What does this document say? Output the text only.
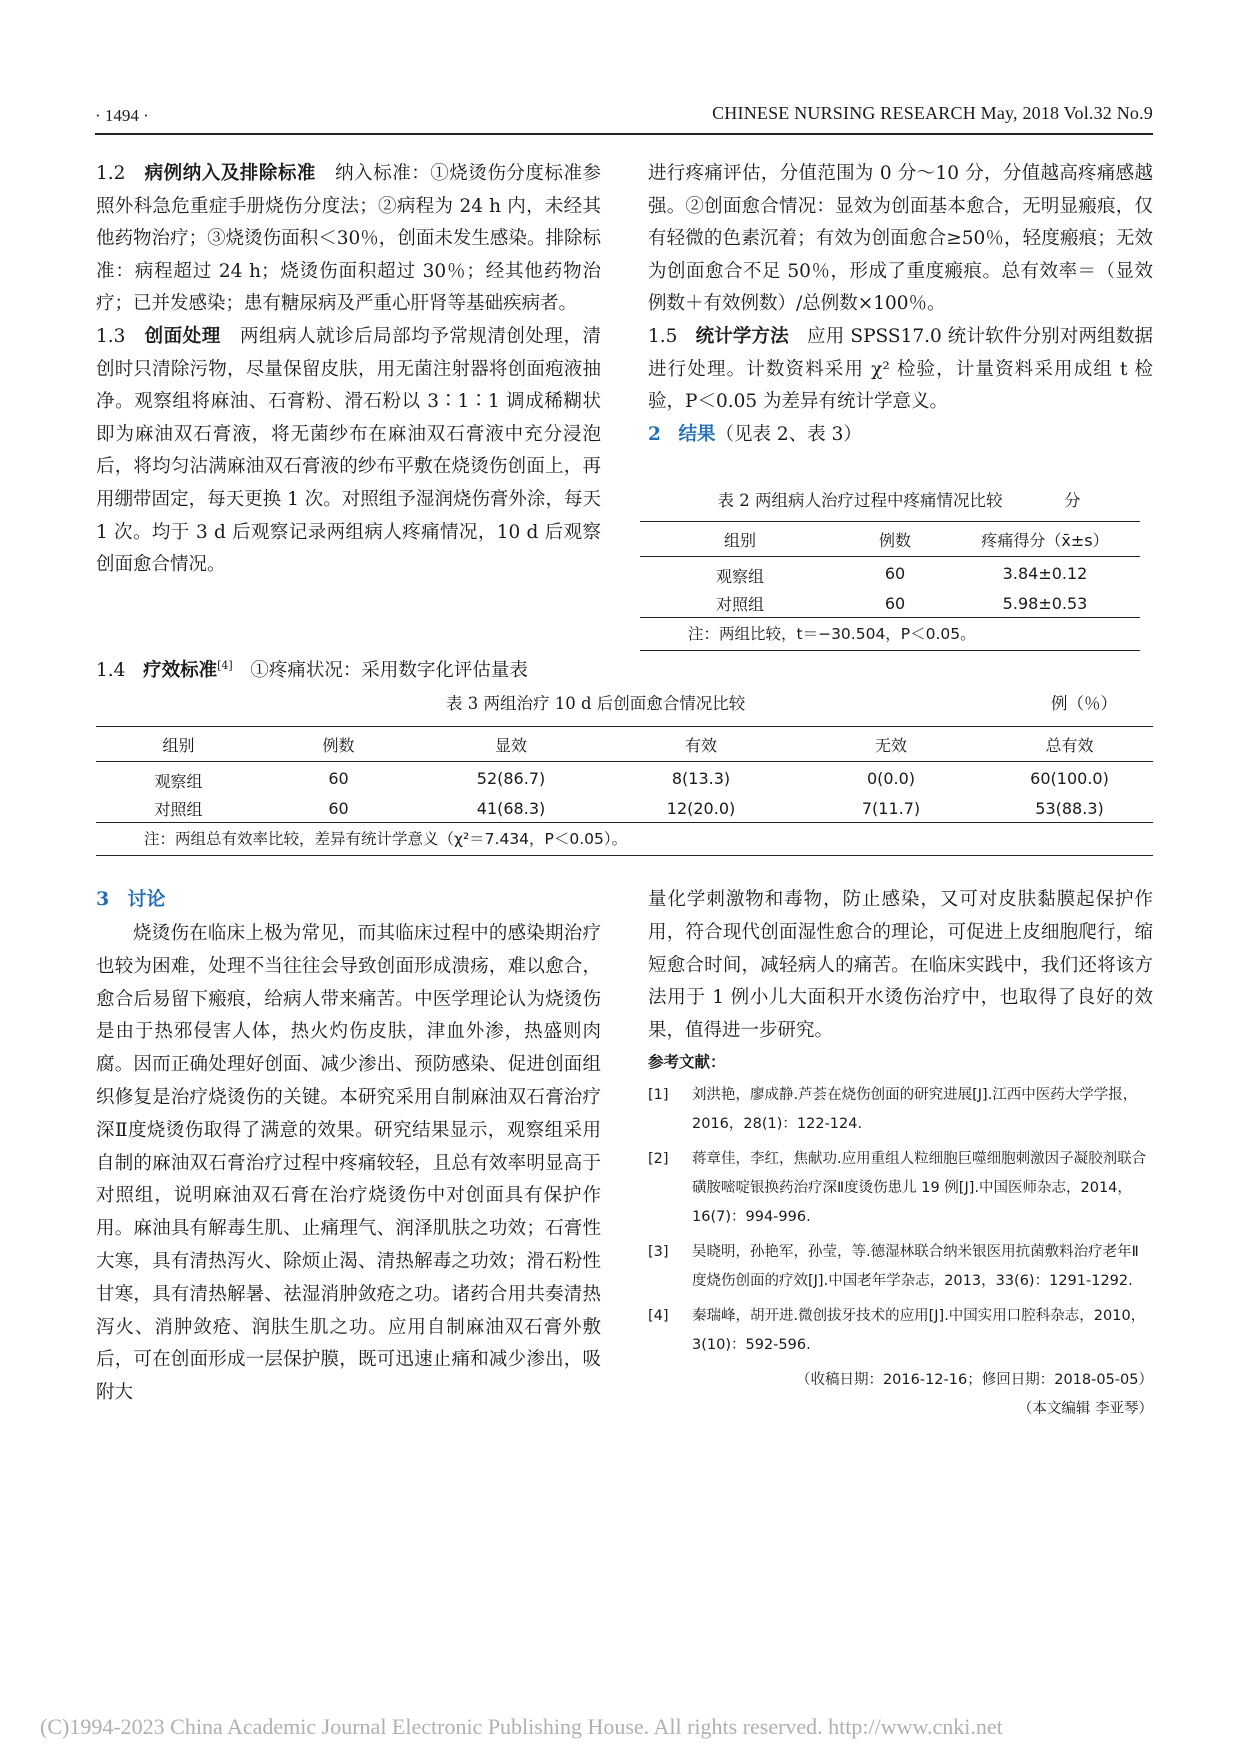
· 1494 ·	CHINESE NURSING RESEARCH May, 2018 Vol.32 No.9

1.2 病例纳入及排除标准 纳入标准：①烧烫伤分度标准参照外科急危重症手册烧伤分度法；②病程为 24 h 内，未经其他药物治疗；③烧烫伤面积＜30％，创面未发生感染。排除标准：病程超过 24 h；烧烫伤面积超过 30％；经其他药物治疗；已并发感染；患有糖尿病及严重心肝肾等基础疾病者。

1.3 创面处理 两组病人就诊后局部均予常规清创处理，清创时只清除污物，尽量保留皮肤，用无菌注射器将创面疱液抽净。观察组将麻油、石膏粉、滑石粉以 3∶1∶1 调成稀糊状即为麻油双石膏液，将无菌纱布在麻油双石膏液中充分浸泡后，将均匀沾满麻油双石膏液的纱布平敷在烧烫伤创面上，再用绷带固定，每天更换 1 次。对照组予湿润烧伤膏外涂，每天 1 次。均于 3 d 后观察记录两组病人疼痛情况，10 d 后观察创面愈合情况。

1.4 疗效标准[4] ①疼痛状况：采用数字化评估量表

进行疼痛评估，分值范围为 0 分～10 分，分值越高疼痛感越强。②创面愈合情况：显效为创面基本愈合，无明显瘢痕，仅有轻微的色素沉着；有效为创面愈合≥50％，轻度瘢痕；无效为创面愈合不足 50％，形成了重度瘢痕。总有效率＝（显效例数＋有效例数）/总例数×100％。

1.5 统计学方法 应用 SPSS17.0 统计软件分别对两组数据进行处理。计数资料采用 χ² 检验，计量资料采用成组 t 检验，P＜0.05 为差异有统计学意义。

2 结果（见表 2、表 3）

表 2 两组病人治疗过程中疼痛情况比较	分
组别	例数	疼痛得分（x̄±s）
观察组	60	3.84±0.12
对照组	60	5.98±0.53
注：两组比较，t＝−30.504，P＜0.05。
表 3 两组治疗 10 d 后创面愈合情况比较	例（％）
组别	例数	显效	有效	无效	总有效
观察组	60	52(86.7)	8(13.3)	0(0.0)	60(100.0)
对照组	60	41(68.3)	12(20.0)	7(11.7)	53(88.3)
注：两组总有效率比较，差异有统计学意义（χ²＝7.434，P＜0.05）。
3 讨论

烧烫伤在临床上极为常见，而其临床过程中的感染期治疗也较为困难，处理不当往往会导致创面形成溃疡，难以愈合，愈合后易留下瘢痕，给病人带来痛苦。中医学理论认为烧烫伤是由于热邪侵害人体，热火灼伤皮肤，津血外渗，热盛则肉腐。因而正确处理好创面、减少渗出、预防感染、促进创面组织修复是治疗烧烫伤的关键。本研究采用自制麻油双石膏治疗深Ⅱ度烧烫伤取得了满意的效果。研究结果显示，观察组采用自制的麻油双石膏治疗过程中疼痛较轻，且总有效率明显高于对照组，说明麻油双石膏在治疗烧烫伤中对创面具有保护作用。麻油具有解毒生肌、止痛理气、润泽肌肤之功效；石膏性大寒，具有清热泻火、除烦止渴、清热解毒之功效；滑石粉性甘寒，具有清热解暑、祛湿消肿敛疮之功。诸药合用共奏清热泻火、消肿敛疮、润肤生肌之功。应用自制麻油双石膏外敷后，可在创面形成一层保护膜，既可迅速止痛和减少渗出，吸附大

量化学刺激物和毒物，防止感染，又可对皮肤黏膜起保护作用，符合现代创面湿性愈合的理论，可促进上皮细胞爬行，缩短愈合时间，减轻病人的痛苦。在临床实践中，我们还将该方法用于 1 例小儿大面积开水烫伤治疗中，也取得了良好的效果，值得进一步研究。

参考文献：
[1]	刘洪艳，廖成静.芦荟在烧伤创面的研究进展[J].江西中医药大学学报，2016，28(1)：122-124.
[2]	蒋章佳，李红，焦献功.应用重组人粒细胞巨噬细胞刺激因子凝胶剂联合磺胺嘧啶银换药治疗深Ⅱ度烫伤患儿 19 例[J].中国医师杂志，2014，16(7)：994-996.
[3]	吴晓明，孙艳军，孙莹，等.德湿林联合纳米银医用抗菌敷料治疗老年Ⅱ度烧伤创面的疗效[J].中国老年学杂志，2013，33(6)：1291-1292.
[4]	秦瑞峰，胡开进.微创拔牙技术的应用[J].中国实用口腔科杂志，2010，3(10)：592-596.
（收稿日期：2016-12-16；修回日期：2018-05-05）
（本文编辑 李亚琴）
(C)1994-2023 China Academic Journal Electronic Publishing House. All rights reserved. http://www.cnki.net
